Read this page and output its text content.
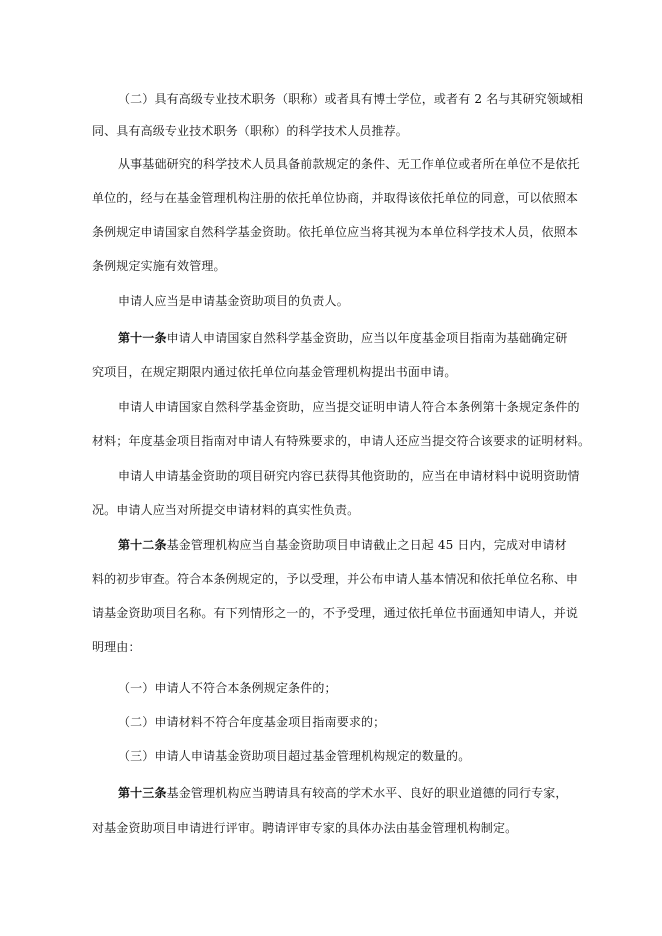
（二）具有高级专业技术职务（职称）或者具有博士学位，或者有 2 名与其研究领域相
同、具有高级专业技术职务（职称）的科学技术人员推荐。
从事基础研究的科学技术人员具备前款规定的条件、无工作单位或者所在单位不是依托
单位的，经与在基金管理机构注册的依托单位协商，并取得该依托单位的同意，可以依照本
条例规定申请国家自然科学基金资助。依托单位应当将其视为本单位科学技术人员，依照本
条例规定实施有效管理。
申请人应当是申请基金资助项目的负责人。
第十一条 申请人申请国家自然科学基金资助，应当以年度基金项目指南为基础确定研
究项目，在规定期限内通过依托单位向基金管理机构提出书面申请。
申请人申请国家自然科学基金资助，应当提交证明申请人符合本条例第十条规定条件的
材料；年度基金项目指南对申请人有特殊要求的，申请人还应当提交符合该要求的证明材料。
申请人申请基金资助的项目研究内容已获得其他资助的，应当在申请材料中说明资助情
况。申请人应当对所提交申请材料的真实性负责。
第十二条 基金管理机构应当自基金资助项目申请截止之日起 45 日内，完成对申请材
料的初步审查。符合本条例规定的，予以受理，并公布申请人基本情况和依托单位名称、申
请基金资助项目名称。有下列情形之一的，不予受理，通过依托单位书面通知申请人，并说
明理由：
（一）申请人不符合本条例规定条件的；
（二）申请材料不符合年度基金项目指南要求的；
（三）申请人申请基金资助项目超过基金管理机构规定的数量的。
第十三条 基金管理机构应当聘请具有较高的学术水平、良好的职业道德的同行专家，
对基金资助项目申请进行评审。聘请评审专家的具体办法由基金管理机构制定。
